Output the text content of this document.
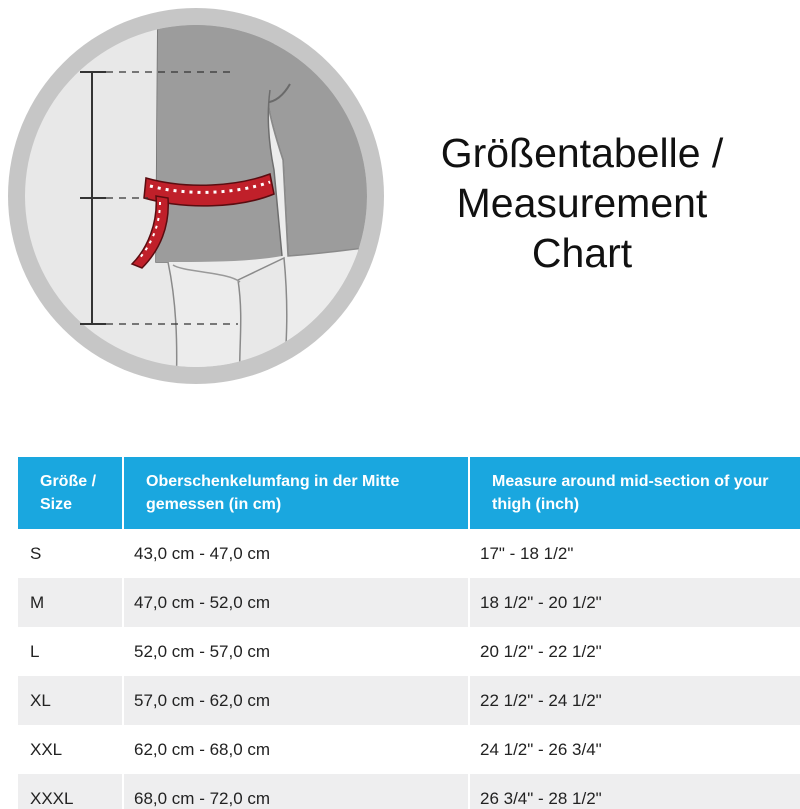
Größentabelle /
Measurement
Chart
Größe / Size	Oberschenkelumfang in der Mitte gemessen (in cm)	Measure around mid-section of your thigh (inch)
S	43,0 cm - 47,0 cm	17" - 18 1/2"
M	47,0 cm - 52,0 cm	18 1/2" - 20 1/2"
L	52,0 cm - 57,0 cm	20 1/2" - 22 1/2"
XL	57,0 cm - 62,0 cm	22 1/2" - 24 1/2"
XXL	62,0 cm - 68,0 cm	24 1/2" - 26 3/4"
XXXL	68,0 cm - 72,0 cm	26 3/4" - 28 1/2"
